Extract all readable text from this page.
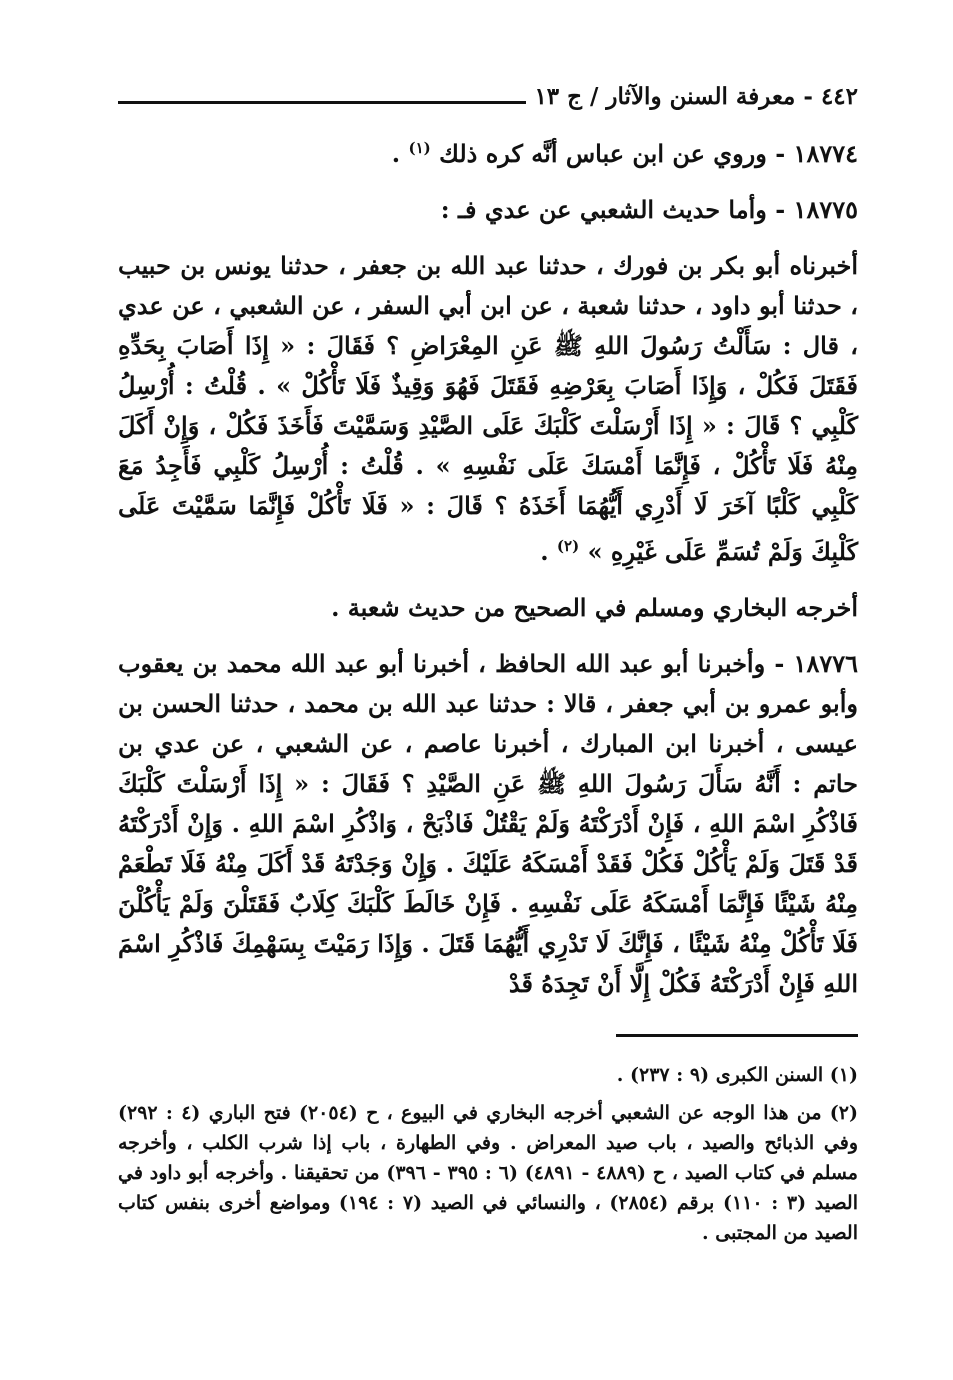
٤٤٢ - معرفة السنن والآثار / ج ١٣

١٨٧٧٤ - وروي عن ابن عباس أنَّه كره ذلك $^{(١)}$ .

١٨٧٧٥ - وأما حديث الشعبي عن عدي فـ :

أخبرناه أبو بكر بن فورك ، حدثنا عبد الله بن جعفر ، حدثنا يونس بن حبيب ، حدثنا أبو داود ، حدثنا شعبة ، عن ابن أبي السفر ، عن الشعبي ، عن عدي ، قال : سَأَلْتُ رَسُولَ اللهِ ﷺ عَنِ المِعْرَاضِ ؟ فَقَالَ : « إِذَا أَصَابَ بِحَدِّهِ فَقَتَلَ فَكُلْ ، وَإِذَا أَصَابَ بِعَرْضِهِ فَقَتَلَ فَهُوَ وَقِيذٌ فَلَا تَأْكُلْ » . قُلْتُ : أُرْسِلُ كَلْبِي ؟ قَالَ : « إِذَا أَرْسَلْتَ كَلْبَكَ عَلَى الصَّيْدِ وَسَمَّيْتَ فَأَخَذَ فَكُلْ ، وَإِنْ أَكَلَ مِنْهُ فَلَا تَأْكُلْ ، فَإِنَّمَا أَمْسَكَ عَلَى نَفْسِهِ » . قُلْتُ : أُرْسِلُ كَلْبِي فَأَجِدُ مَعَ كَلْبِي كَلْبًا آخَرَ لَا أَدْرِي أَيُّهُمَا أَخَذَهُ ؟ قَالَ : « فَلَا تَأْكُلْ فَإِنَّمَا سَمَّيْتَ عَلَى كَلْبِكَ وَلَمْ تُسَمِّ عَلَى غَيْرِهِ » $^{(٢)}$ .

أخرجه البخاري ومسلم في الصحيح من حديث شعبة .

١٨٧٧٦ - وأخبرنا أبو عبد الله الحافظ ، أخبرنا أبو عبد الله محمد بن يعقوب وأبو عمرو بن أبي جعفر ، قالا : حدثنا عبد الله بن محمد ، حدثنا الحسن بن عيسى ، أخبرنا ابن المبارك ، أخبرنا عاصم ، عن الشعبي ، عن عدي بن حاتم : أَنَّهُ سَأَلَ رَسُولَ اللهِ ﷺ عَنِ الصَّيْدِ ؟ فَقَالَ : « إِذَا أَرْسَلْتَ كَلْبَكَ فَاذْكُرِ اسْمَ اللهِ ، فَإِنْ أَدْرَكْتَهُ وَلَمْ يَقْتُلْ فَاذْبَحْ ، وَاذْكُرِ اسْمَ اللهِ . وَإِنْ أَدْرَكْتَهُ قَدْ قَتَلَ وَلَمْ يَأْكُلْ فَكُلْ فَقَدْ أَمْسَكَهُ عَلَيْكَ . وَإِنْ وَجَدْتَهُ قَدْ أَكَلَ مِنْهُ فَلَا تَطْعَمْ مِنْهُ شَيْئًا فَإِنَّمَا أَمْسَكَهُ عَلَى نَفْسِهِ . فَإِنْ خَالَطَ كَلْبَكَ كِلَابٌ فَقَتَلْنَ وَلَمْ يَأْكُلْنَ فَلَا تَأْكُلْ مِنْهُ شَيْئًا ، فَإِنَّكَ لَا تَدْرِي أَيُّهُمَا قَتَلَ . وَإِذَا رَمَيْتَ بِسَهْمِكَ فَاذْكُرِ اسْمَ اللهِ فَإِنْ أَدْرَكْتَهُ فَكُلْ إِلَّا أَنْ تَجِدَهُ قَدْ

(١) السنن الكبرى (٩ : ٢٣٧) .

(٢) من هذا الوجه عن الشعبي أخرجه البخاري في البيوع ، ح (٢٠٥٤) فتح الباري (٤ : ٢٩٢) وفي الذبائح والصيد ، باب صيد المعراض . وفي الطهارة ، باب إذا شرب الكلب ، وأخرجه مسلم في كتاب الصيد ، ح (٤٨٨٩ - ٤٨٩١) (٦ : ٣٩٥ - ٣٩٦) من تحقيقنا . وأخرجه أبو داود في الصيد (٣ : ١١٠) برقم (٢٨٥٤) ، والنسائي في الصيد (٧ : ١٩٤) ومواضع أخرى بنفس كتاب الصيد من المجتبى .
